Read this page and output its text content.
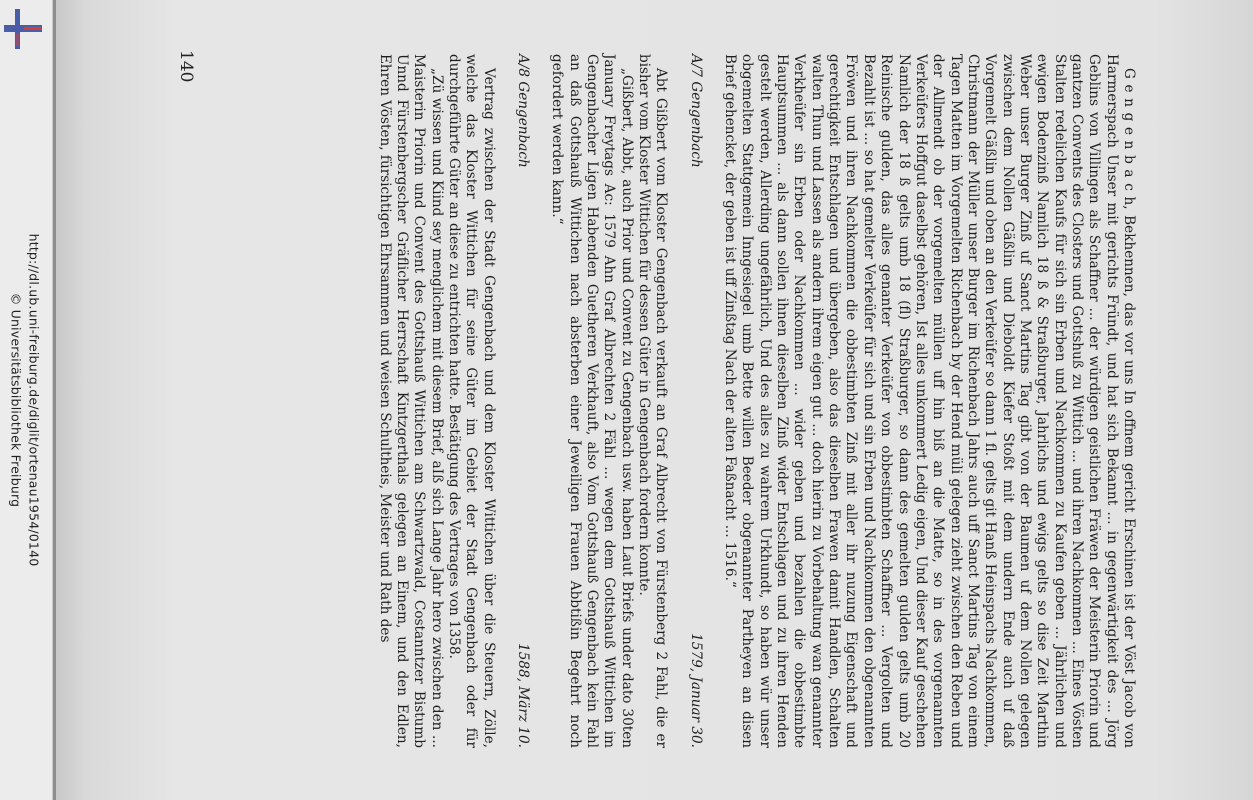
http://dl.ub.uni-freiburg.de/diglit/ortenau1954/0140
© Universitätsbibliothek Freiburg	G e n g e n b a c h, Bekhennen, das vor uns In offnem gericht Erschinen ist der Vöst Jacob von Harmerspach Unser mit gerichts Fründt, und hat sich Bekannt ... in gegenwärtigkeit des ... Jörg Geblins von Villingen als Schaffner ... der würdigen geistlichen Fräwen der Meisterin Priorin und gantzen Convents des Closters und Gottshuß zu Wittich ... und ihren Nachkommen ... Eines Vösten Stalten redelichen Kaufs für sich sin Erben und Nachkommen zu Kaufen geben ... Jährlichen und ewigen Bodenzinß Namlich 18 ß & Straßburger, Jahrlichs und ewigs gelts so dise Zeit Marthin Weber unser Burger Zinß uf Sanct Martins Tag gibt von der Baumen uf dem Nollen gelegen zwischen dem Nollen Gäßlin und Dieboldt Kiefer Stoßt mit dem undern Ende auch uf daß Vorgemelt Gäßlin und oben an den Verkeüfer so dann 1 fl. gelts git Hanß Heinspachs Nachkommen, Christmann der Müller unser Burger im Richenbach Jahrs auch uff Sanct Martins Tag von einem Tagen Matten im Vorgemelten Richenbach by der Hend müli gelegen zieht zwischen den Reben und der Allmendt ob der vorgemelten müllen uff hin biß an die Matte, so in des vorgenannten Verkeüfers Hoffgut daselbst gehören, Ist alles unkommert Ledig eigen, Und dieser Kauf geschehen Namlich der 18 ß gelts umb 18 (fl) Straßburger, so dann des gemelten gulden gelts umb 20 Reinische gulden, das alles genanter Verkeüfer von obbestimbten Schaffner ... Vergolten und Bezahlt ist ... so hat gemelter Verkeüfer für sich und sin Erben und Nachkommen den obgenannten Fröwen und ihren Nachkommen die obbestimbten Zinß mit aller ihr nuzung Eigenschaft und gerechtigkeit Entschlagen und übergeben, also das dieselben Frawen damit Handlen, Schalten walten Thun und Lassen als andern ihrem eigen gut ... doch hierin zu Vorbehaltung wan genannter Verkheüfer sin Erben oder Nachkommen ... wider geben und bezahlen die obbestimbte Hauptsummen ... als dann sollen ihnen dieselben Zinß wider Entschlagen und zu ihren Henden gestelt werden, Allerding ungefährlich, Und des alles zu wahrem Urkhundt, so haben wür unser obgemelten Stattgemein Inngesiegel umb Bette willen Beeder obgenannter Partheyen an disen Brief gehencket, der geben ist uff Zinßtag Nach der alten Faßnacht ... 1516.“

A/7 Gengenbach
1579, Januar 30.

Abt Gißbert vom Kloster Gengenbach verkauft an Graf Albrecht von Fürstenberg 2 Fahl, die er bisher vom Kloster Wittichen für dessen Güter in Gengenbach fordern konnte.

„Gißbert, Abbt, auch Prior und Convent zu Gengenbach usw. haben Laut Briefs under dato 30ten January Freytags Ac: 1579 Ahn Graf Albrechten 2 Fähl ... wegen dem Gottshauß Wittichen im Gengenbacher Ligen Habenden Guetheren Verkhauft, also Vom Gottshauß Gengenbach kein Fahl an daß Gottshauß Wittichen nach absterben einer Jeweiligen Frauen Abbtißin Begehrt noch gefordert werden kann.“

A/8 Gengenbach
1588, März 10.

Vertrag zwischen der Stadt Gengenbach und dem Kloster Wittichen über die Steuern, Zölle, welche das Kloster Wittichen für seine Güter im Gebiet der Stadt Gengenbach oder für durchgeführte Güter an diese zu entrichten hatte. Bestätigung des Vertrages von 1358.

„Zü wissen und Kiind sey menglichem mit diesem Brief, aIß sich Lange Jahr hero zwischen den ... Maisterin Priorin und Convent des Gottshauß Wittichen am Schwartzwald, Costanntzer Bistumb Unnd Fürstenbergscher Gräflicher Herrschaft Kintzgerthals gelegen an Einem, und den Edlen, Ehren Vösten, fürsichtigen Ehrsammen und weisen Schultheis, Meister und Rath des

140
